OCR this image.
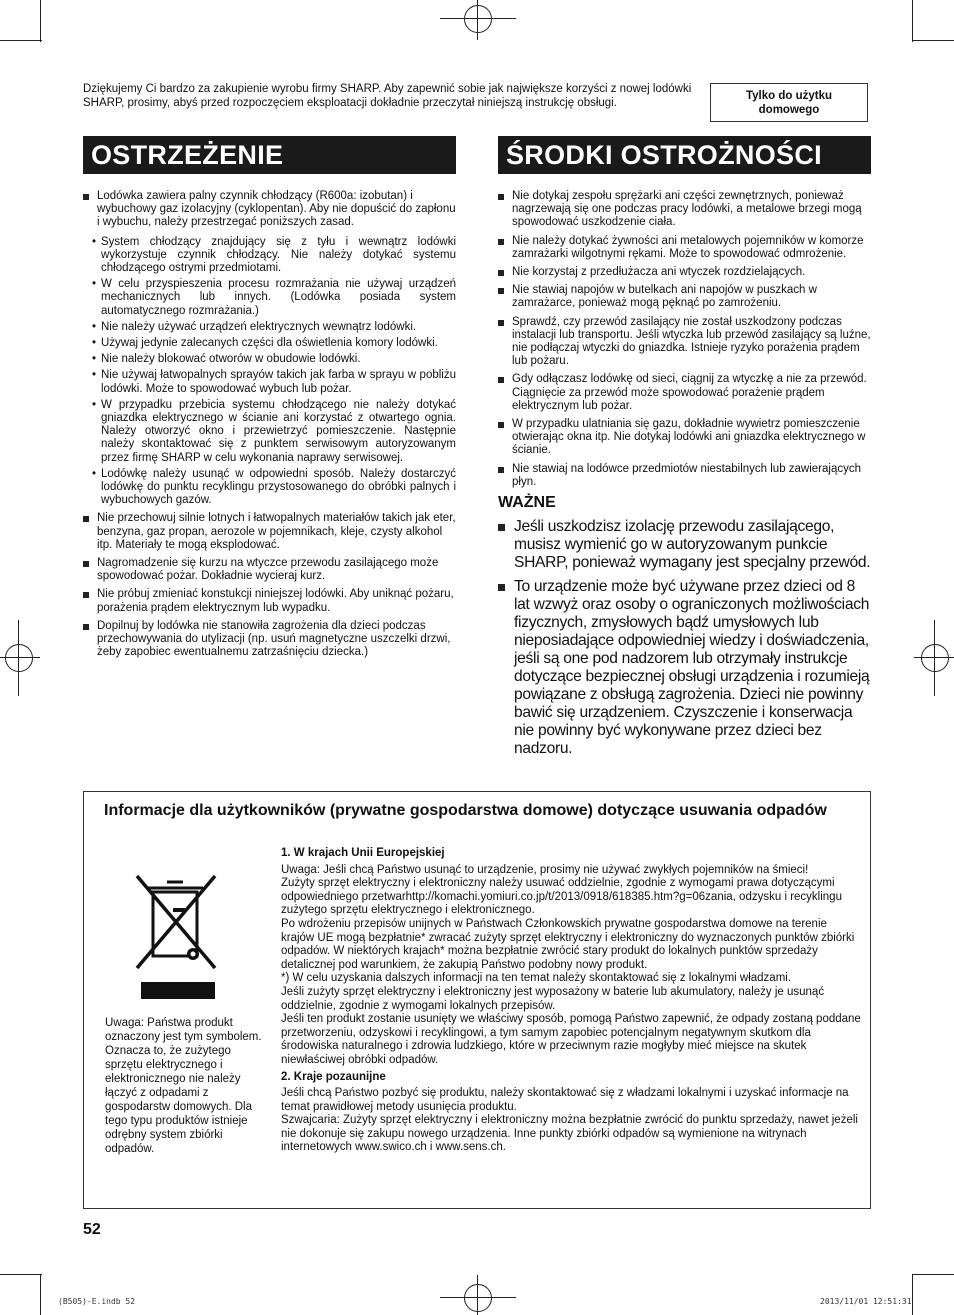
Dziękujemy Ci bardzo za zakupienie wyrobu firmy SHARP. Aby zapewnić sobie jak największe korzyści z nowej lodówki SHARP, prosimy, abyś przed rozpoczęciem eksploatacji dokładnie przeczytał niniejszą instrukcję obsługi.
Tylko do użytku domowego
OSTRZEŻENIE	ŚRODKI OSTROŻNOŚCI
Lodówka zawiera palny czynnik chłodzący (R600a: izobutan) i wybuchowy gaz izolacyjny (cyklopentan). Aby nie dopuścić do zapłonu i wybuchu, należy przestrzegać poniższych zasad.
• System chłodzący znajdujący się z tyłu i wewnątrz lodówki wykorzystuje czynnik chłodzący. Nie należy dotykać systemu chłodzącego ostrymi przedmiotami.
• W celu przyspieszenia procesu rozmrażania nie używaj urządzeń mechanicznych lub innych. (Lodówka posiada system automatycznego rozmrażania.)
• Nie należy używać urządzeń elektrycznych wewnątrz lodówki.
• Używaj jedynie zalecanych części dla oświetlenia komory lodówki.
• Nie należy blokować otworów w obudowie lodówki.
• Nie używaj łatwopalnych sprayów takich jak farba w sprayu w pobliżu lodówki. Może to spowodować wybuch lub pożar.
• W przypadku przebicia systemu chłodzącego nie należy dotykać gniazdka elektrycznego w ścianie ani korzystać z otwartego ognia. Należy otworzyć okno i przewietrzyć pomieszczenie. Następnie należy skontaktować się z punktem serwisowym autoryzowanym przez firmę SHARP w celu wykonania naprawy serwisowej.
• Lodówkę należy usunąć w odpowiedni sposób. Należy dostarczyć lodówkę do punktu recyklingu przystosowanego do obróbki palnych i wybuchowych gazów.
Nie przechowuj silnie lotnych i łatwopalnych materiałów takich jak eter, benzyna, gaz propan, aerozole w pojemnikach, kleje, czysty alkohol itp. Materiały te mogą eksplodować.
Nagromadzenie się kurzu na wtyczce przewodu zasilającego może spowodować pożar. Dokładnie wycieraj kurz.
Nie próbuj zmieniać konstukcji niniejszej lodówki. Aby uniknąć pożaru, porażenia prądem elektrycznym lub wypadku.
Dopilnuj by lodówka nie stanowiła zagrożenia dla dzieci podczas przechowywania do utylizacji (np. usuń magnetyczne uszczelki drzwi, żeby zapobiec ewentualnemu zatrzaśnięciu dziecka.)
Nie dotykaj zespołu sprężarki ani części zewnętrznych, ponieważ nagrzewają się one podczas pracy lodówki, a metalowe brzegi mogą spowodować uszkodzenie ciała.
Nie należy dotykać żywności ani metalowych pojemników w komorze zamrażarki wilgotnymi rękami. Może to spowodować odmrożenie.
Nie korzystaj z przedłużacza ani wtyczek rozdzielających.
Nie stawiaj napojów w butelkach ani napojów w puszkach w zamrażarce, ponieważ mogą pęknąć po zamrożeniu.
Sprawdź, czy przewód zasilający nie został uszkodzony podczas instalacji lub transportu. Jeśli wtyczka lub przewód zasilający są luźne, nie podłączaj wtyczki do gniazdka. Istnieje ryzyko porażenia prądem lub pożaru.
Gdy odłączasz lodówkę od sieci, ciągnij za wtyczkę a nie za przewód. Ciągnięcie za przewód może spowodować porażenie prądem elektrycznym lub pożar.
W przypadku ulatniania się gazu, dokładnie wywietrz pomieszczenie otwierając okna itp. Nie dotykaj lodówki ani gniazdka elektrycznego w ścianie.
Nie stawiaj na lodówce przedmiotów niestabilnych lub zawierających płyn.
WAŻNE
Jeśli uszkodzisz izolację przewodu zasilającego, musisz wymienić go w autoryzowanym punkcie SHARP, ponieważ wymagany jest specjalny przewód.
To urządzenie może być używane przez dzieci od 8 lat wzwyż oraz osoby o ograniczonych możliwościach fizycznych, zmysłowych bądź umysłowych lub nieposiadające odpowiedniej wiedzy i doświadczenia, jeśli są one pod nadzorem lub otrzymały instrukcje dotyczące bezpiecznej obsługi urządzenia i rozumieją powiązane z obsługą zagrożenia. Dzieci nie powinny bawić się urządzeniem. Czyszczenie i konserwacja nie powinny być wykonywane przez dzieci bez nadzoru.
Informacje dla użytkowników (prywatne gospodarstwa domowe) dotyczące usuwania odpadów
Uwaga: Państwa produkt oznaczony jest tym symbolem. Oznacza to, że zużytego sprzętu elektrycznego i elektronicznego nie należy łączyć z odpadami z gospodarstw domowych. Dla tego typu produktów istnieje odrębny system zbiórki odpadów.

1. W krajach Unii Europejskiej

Uwaga: Jeśli chcą Państwo usunąć to urządzenie, prosimy nie używać zwykłych pojemników na śmieci!

Zużyty sprzęt elektryczny i elektroniczny należy usuwać oddzielnie, zgodnie z wymogami prawa dotyczącymi odpowiedniego przetwarhttp://komachi.yomiuri.co.jp/t/2013/0918/618385.htm?g=06zania, odzysku i recyklingu zużytego sprzętu elektrycznego i elektronicznego.

Po wdrożeniu przepisów unijnych w Państwach Członkowskich prywatne gospodarstwa domowe na terenie krajów UE mogą bezpłatnie* zwracać zużyty sprzęt elektryczny i elektroniczny do wyznaczonych punktów zbiórki odpadów. W niektórych krajach* można bezpłatnie zwrócić stary produkt do lokalnych punktów sprzedaży detalicznej pod warunkiem, że zakupią Państwo podobny nowy produkt.

*) W celu uzyskania dalszych informacji na ten temat należy skontaktować się z lokalnymi władzami.

Jeśli zużyty sprzęt elektryczny i elektroniczny jest wyposażony w baterie lub akumulatory, należy je usunąć oddzielnie, zgodnie z wymogami lokalnych przepisów.

Jeśli ten produkt zostanie usunięty we właściwy sposób, pomogą Państwo zapewnić, że odpady zostaną poddane przetworzeniu, odzyskowi i recyklingowi, a tym samym zapobiec potencjalnym negatywnym skutkom dla środowiska naturalnego i zdrowia ludzkiego, które w przeciwnym razie mogłyby mieć miejsce na skutek niewłaściwej obróbki odpadów.

2. Kraje pozaunijne

Jeśli chcą Państwo pozbyć się produktu, należy skontaktować się z władzami lokalnymi i uzyskać informacje na temat prawidłowej metody usunięcia produktu.

Szwajcaria: Zużyty sprzęt elektryczny i elektroniczny można bezpłatnie zwrócić do punktu sprzedaży, nawet jeżeli nie dokonuje się zakupu nowego urządzenia. Inne punkty zbiórki odpadów są wymienione na witrynach internetowych www.swico.ch i www.sens.ch.

52
(B505)-E.indb 52	2013/11/01 12:51:31
